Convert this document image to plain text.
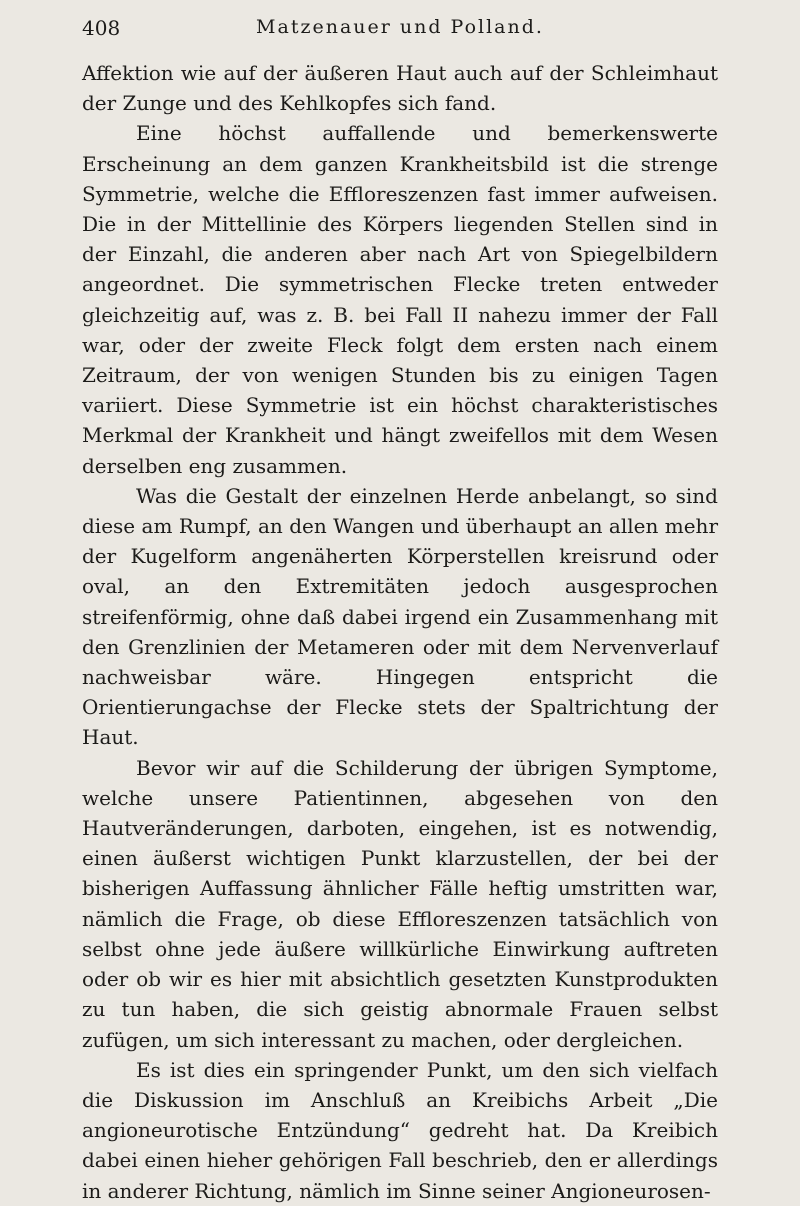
408	Matzenauer und Polland.

Affektion wie auf der äußeren Haut auch auf der Schleimhaut der Zunge und des Kehlkopfes sich fand.

Eine höchst auffallende und bemerkenswerte Erscheinung an dem ganzen Krankheitsbild ist die strenge Symmetrie, welche die Effloreszenzen fast immer aufweisen. Die in der Mittellinie des Körpers liegenden Stellen sind in der Einzahl, die anderen aber nach Art von Spiegelbildern angeordnet. Die symmetrischen Flecke treten entweder gleichzeitig auf, was z. B. bei Fall II nahezu immer der Fall war, oder der zweite Fleck folgt dem ersten nach einem Zeitraum, der von wenigen Stunden bis zu einigen Tagen variiert. Diese Symmetrie ist ein höchst charakteristisches Merkmal der Krankheit und hängt zweifellos mit dem Wesen derselben eng zusammen.

Was die Gestalt der einzelnen Herde anbelangt, so sind diese am Rumpf, an den Wangen und überhaupt an allen mehr der Kugelform angenäherten Körperstellen kreisrund oder oval, an den Extremitäten jedoch ausgesprochen streifenförmig, ohne daß dabei irgend ein Zusammenhang mit den Grenzlinien der Metameren oder mit dem Nervenverlauf nachweisbar wäre. Hingegen entspricht die Orientierungachse der Flecke stets der Spaltrichtung der Haut.

Bevor wir auf die Schilderung der übrigen Symptome, welche unsere Patientinnen, abgesehen von den Hautveränderungen, darboten, eingehen, ist es notwendig, einen äußerst wichtigen Punkt klarzustellen, der bei der bisherigen Auffassung ähnlicher Fälle heftig umstritten war, nämlich die Frage, ob diese Effloreszenzen tatsächlich von selbst ohne jede äußere willkürliche Einwirkung auftreten oder ob wir es hier mit absichtlich gesetzten Kunstprodukten zu tun haben, die sich geistig abnormale Frauen selbst zufügen, um sich interessant zu machen, oder dergleichen.

Es ist dies ein springender Punkt, um den sich vielfach die Diskussion im Anschluß an Kreibichs Arbeit „Die angioneurotische Entzündung“ gedreht hat. Da Kreibich dabei einen hieher gehörigen Fall beschrieb, den er allerdings in anderer Richtung, nämlich im Sinne seiner Angioneurosen-
